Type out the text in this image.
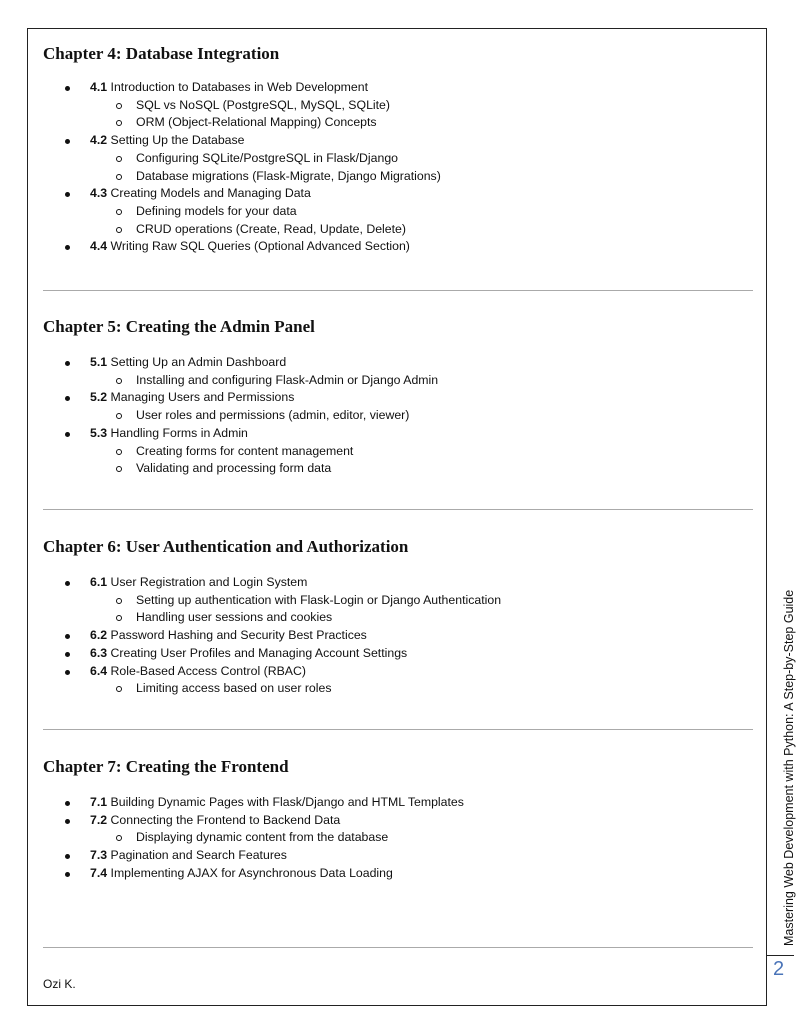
Chapter 4: Database Integration
4.1 Introduction to Databases in Web Development
SQL vs NoSQL (PostgreSQL, MySQL, SQLite)
ORM (Object-Relational Mapping) Concepts
4.2 Setting Up the Database
Configuring SQLite/PostgreSQL in Flask/Django
Database migrations (Flask-Migrate, Django Migrations)
4.3 Creating Models and Managing Data
Defining models for your data
CRUD operations (Create, Read, Update, Delete)
4.4 Writing Raw SQL Queries (Optional Advanced Section)
Chapter 5: Creating the Admin Panel
5.1 Setting Up an Admin Dashboard
Installing and configuring Flask-Admin or Django Admin
5.2 Managing Users and Permissions
User roles and permissions (admin, editor, viewer)
5.3 Handling Forms in Admin
Creating forms for content management
Validating and processing form data
Chapter 6: User Authentication and Authorization
6.1 User Registration and Login System
Setting up authentication with Flask-Login or Django Authentication
Handling user sessions and cookies
6.2 Password Hashing and Security Best Practices
6.3 Creating User Profiles and Managing Account Settings
6.4 Role-Based Access Control (RBAC)
Limiting access based on user roles
Chapter 7: Creating the Frontend
7.1 Building Dynamic Pages with Flask/Django and HTML Templates
7.2 Connecting the Frontend to Backend Data
Displaying dynamic content from the database
7.3 Pagination and Search Features
7.4 Implementing AJAX for Asynchronous Data Loading
Ozi K.
Mastering Web Development with Python: A Step-by-Step Guide
2
